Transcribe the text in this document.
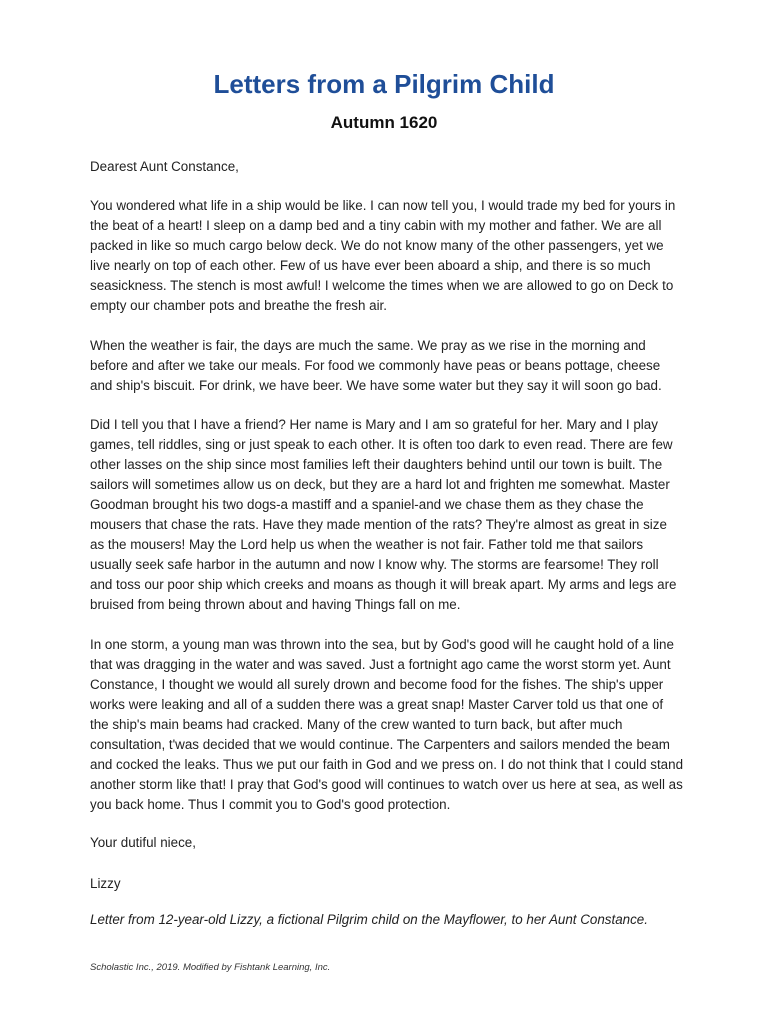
Letters from a Pilgrim Child
Autumn 1620

Dearest Aunt Constance,

You wondered what life in a ship would be like. I can now tell you, I would trade my bed for yours in the beat of a heart! I sleep on a damp bed and a tiny cabin with my mother and father. We are all packed in like so much cargo below deck. We do not know many of the other passengers, yet we live nearly on top of each other. Few of us have ever been aboard a ship, and there is so much seasickness. The stench is most awful! I welcome the times when we are allowed to go on Deck to empty our chamber pots and breathe the fresh air.

When the weather is fair, the days are much the same. We pray as we rise in the morning and before and after we take our meals. For food we commonly have peas or beans pottage, cheese and ship's biscuit. For drink, we have beer. We have some water but they say it will soon go bad.

Did I tell you that I have a friend? Her name is Mary and I am so grateful for her. Mary and I play games, tell riddles, sing or just speak to each other. It is often too dark to even read. There are few other lasses on the ship since most families left their daughters behind until our town is built. The sailors will sometimes allow us on deck, but they are a hard lot and frighten me somewhat. Master Goodman brought his two dogs-a mastiff and a spaniel-and we chase them as they chase the mousers that chase the rats. Have they made mention of the rats? They're almost as great in size as the mousers! May the Lord help us when the weather is not fair. Father told me that sailors usually seek safe harbor in the autumn and now I know why. The storms are fearsome! They roll and toss our poor ship which creeks and moans as though it will break apart. My arms and legs are bruised from being thrown about and having Things fall on me.

In one storm, a young man was thrown into the sea, but by God's good will he caught hold of a line that was dragging in the water and was saved. Just a fortnight ago came the worst storm yet. Aunt Constance, I thought we would all surely drown and become food for the fishes. The ship's upper works were leaking and all of a sudden there was a great snap! Master Carver told us that one of the ship's main beams had cracked. Many of the crew wanted to turn back, but after much consultation, t'was decided that we would continue. The Carpenters and sailors mended the beam and cocked the leaks. Thus we put our faith in God and we press on. I do not think that I could stand another storm like that! I pray that God's good will continues to watch over us here at sea, as well as you back home. Thus I commit you to God's good protection.

Your dutiful niece,

Lizzy

Letter from 12-year-old Lizzy, a fictional Pilgrim child on the Mayflower, to her Aunt Constance.

Scholastic Inc., 2019. Modified by Fishtank Learning, Inc.
